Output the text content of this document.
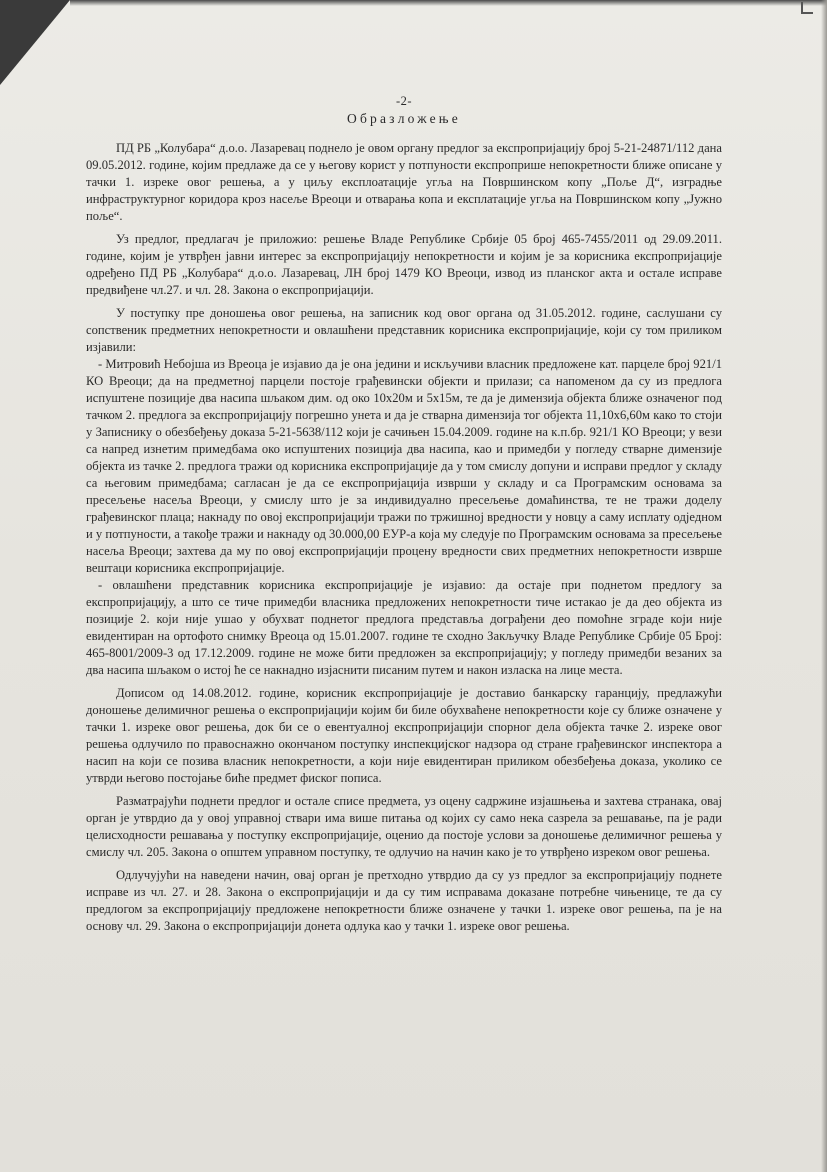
-2-
Образложење

ПД РБ „Колубара“ д.о.о. Лазаревац поднело је овом органу предлог за експропријацију број 5-21-24871/112 дана 09.05.2012. године, којим предлаже да се у његову корист у потпуности експроприше непокретности ближе описане у тачки 1. изреке овог решења, а у циљу експлоатације угља на Површинском копу „Поље Д“, изградње инфраструктурног коридора кроз насеље Вреоци и отварања копа и експлатације угља на Површинском копу „Јужно поље“.

Уз предлог, предлагач је приложио: решење Владе Републике Србије 05 број 465-7455/2011 од 29.09.2011. године, којим је утврђен јавни интерес за експропријацију непокретности и којим је за корисника експропријације одређено ПД РБ „Колубара“ д.о.о. Лазаревац, ЛН број 1479 КО Вреоци, извод из планског акта и остале исправе предвиђене чл.27. и чл. 28. Закона о експропријацији.

У поступку пре доношења овог решења, на записник код овог органа од 31.05.2012. године, саслушани су сопственик предметних непокретности и овлашћени представник корисника експропријације, који су том приликом изјавили:

- Митровић Небојша из Вреоца је изјавио да је она једини и искључиви власник предложене кат. парцеле број 921/1 КО Вреоци; да на предметној парцели постоје грађевински објекти и прилази; са напоменом да су из предлога испуштене позиције два насипа шљаком дим. од око 10х20м и 5х15м, те да је димензија објекта ближе означеног под тачком 2. предлога за експропријацију погрешно унета и да је стварна димензија тог објекта 11,10х6,60м како то стоји у Записнику о обезбеђењу доказа 5-21-5638/112 који је сачињен 15.04.2009. године на к.п.бр. 921/1 КО Вреоци; у вези са напред изнетим примедбама око испуштених позиција два насипа, као и примедби у погледу стварне димензије објекта из тачке 2. предлога тражи од корисника експропријације да у том смислу допуни и исправи предлог у складу са његовим примедбама; сагласан је да се експропријација изврши у складу и са Програмским основама за пресељење насеља Вреоци, у смислу што је за индивидуално пресељење домаћинства, те не тражи доделу грађевинског плаца; накнаду по овој експропријацији тражи по тржишној вредности у новцу а саму исплату одједном и у потпуности, а такође тражи и накнаду од 30.000,00 ЕУР-а која му следује по Програмским основама за пресељење насеља Вреоци; захтева да му по овој експропријацији процену вредности свих предметних непокретности изврше вештаци корисника експропријације.

- овлашћени представник корисника експропријације је изјавио: да остаје при поднетом предлогу за експропријацију, а што се тиче примедби власника предложених непокретности тиче истакао је да део објекта из позиције 2. који није ушао у обухват поднетог предлога представља дограђени део помоћне зграде који није евидентиран на ортофото снимку Вреоца од 15.01.2007. године те сходно Закључку Владе Републике Србије 05 Број: 465-8001/2009-3 од 17.12.2009. године не може бити предложен за експропријацију; у погледу примедби везаних за два насипа шљаком о истој ће се накнадно изјаснити писаним путем и након изласка на лице места.

Дописом од 14.08.2012. године, корисник експропријације је доставио банкарску гаранцију, предлажући доношење делимичног решења о експропријацији којим би биле обухваћене непокретности које су ближе означене у тачки 1. изреке овог решења, док би се о евентуалној експропријацији спорног дела објекта тачке 2. изреке овог решења одлучило по правоснажно окончаном поступку инспекцијског надзора од стране грађевинског инспектора а насип на који се позива власник непокретности, а који није евидентиран приликом обезбеђења доказа, уколико се утврди његово постојање биће предмет фиског пописа.

Разматрајући поднети предлог и остале списе предмета, уз оцену садржине изјашњења и захтева странака, овај орган је утврдио да у овој управној ствари има више питања од којих су само нека сазрела за решавање, па је ради целисходности решавања у поступку експропријације, оценио да постоје услови за доношење делимичног решења у смислу чл. 205. Закона о општем управном поступку, те одлучио на начин како је то утврђено изреком овог решења.

Одлучујући на наведени начин, овај орган је претходно утврдио да су уз предлог за експропријацију поднете исправе из чл. 27. и 28. Закона о експропријацији и да су тим исправама доказане потребне чињенице, те да су предлогом за експропријацију предложене непокретности ближе означене у тачки 1. изреке овог решења, па је на основу чл. 29. Закона о експропријацији донета одлука као у тачки 1. изреке овог решења.
